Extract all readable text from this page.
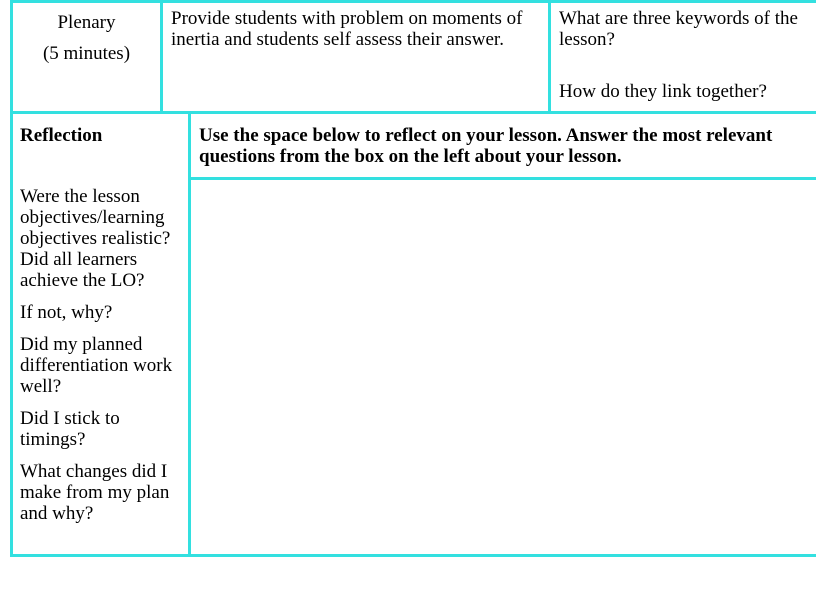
Plenary

(5 minutes)

Provide students with problem on moments of inertia and students self assess their answer.

What are three keywords of the lesson?

How do they link together?

Reflection	Use the space below to reflect on your lesson. Answer the most relevant questions from the box on the left about your lesson.

Were the lesson objectives/learning objectives realistic? Did all learners achieve the LO?

If not, why?

Did my planned differentiation work well?

Did I stick to timings?

What changes did I make from my plan and why?
